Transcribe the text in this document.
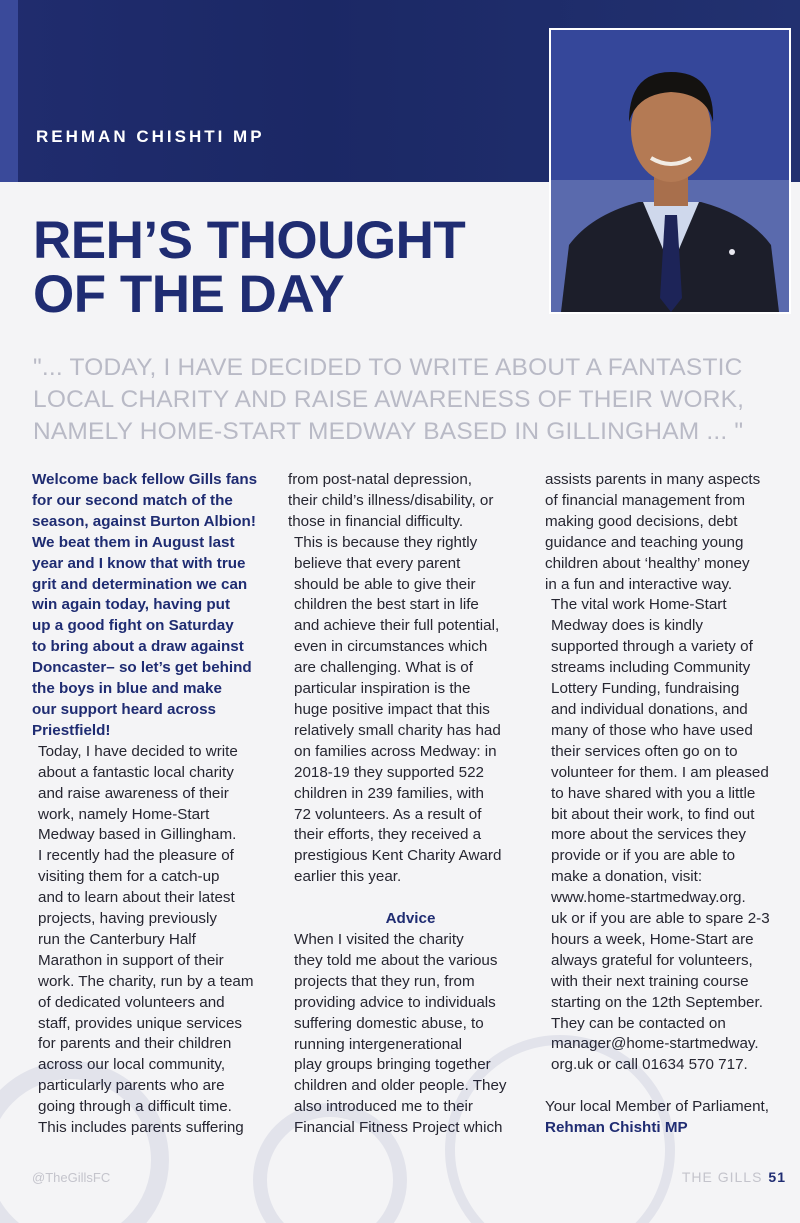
REHMAN CHISHTI MP
REH’S THOUGHT
OF THE DAY
"... TODAY, I HAVE DECIDED TO WRITE ABOUT A FANTASTIC
LOCAL CHARITY AND RAISE AWARENESS OF THEIR WORK,
NAMELY HOME-START MEDWAY BASED IN GILLINGHAM ... "

Welcome back fellow Gills fans
for our second match of the
season, against Burton Albion!
We beat them in August last
year and I know that with true
grit and determination we can
win again today, having put
up a good fight on Saturday
to bring about a draw against
Doncaster– so let’s get behind
the boys in blue and make
our support heard across
Priestfield!

Today, I have decided to write
about a fantastic local charity
and raise awareness of their
work, namely Home-Start
Medway based in Gillingham.
I recently had the pleasure of
visiting them for a catch-up
and to learn about their latest
projects, having previously
run the Canterbury Half
Marathon in support of their
work. The charity, run by a team
of dedicated volunteers and
staff, provides unique services
for parents and their children
across our local community,
particularly parents who are
going through a difficult time.
This includes parents suffering

from post-natal depression,
their child’s illness/disability, or
those in financial difficulty.

This is because they rightly
believe that every parent
should be able to give their
children the best start in life
and achieve their full potential,
even in circumstances which
are challenging. What is of
particular inspiration is the
huge positive impact that this
relatively small charity has had
on families across Medway: in
2018-19 they supported 522
children in 239 families, with
72 volunteers. As a result of
their efforts, they received a
prestigious Kent Charity Award
earlier this year.

Advice

When I visited the charity
they told me about the various
projects that they run, from
providing advice to individuals
suffering domestic abuse, to
running intergenerational
play groups bringing together
children and older people. They
also introduced me to their
Financial Fitness Project which

assists parents in many aspects
of financial management from
making good decisions, debt
guidance and teaching young
children about ‘healthy’ money
in a fun and interactive way.

The vital work Home-Start
Medway does is kindly
supported through a variety of
streams including Community
Lottery Funding, fundraising
and individual donations, and
many of those who have used
their services often go on to
volunteer for them. I am pleased
to have shared with you a little
bit about their work, to find out
more about the services they
provide or if you are able to
make a donation, visit:
www.home-startmedway.org.
uk or if you are able to spare 2-3
hours a week, Home-Start are
always grateful for volunteers,
with their next training course
starting on the 12th September.
They can be contacted on
manager@home-startmedway.
org.uk or call 01634 570 717.

Your local Member of Parliament,

Rehman Chishti MP

@TheGillsFC	THE GILLS 51
